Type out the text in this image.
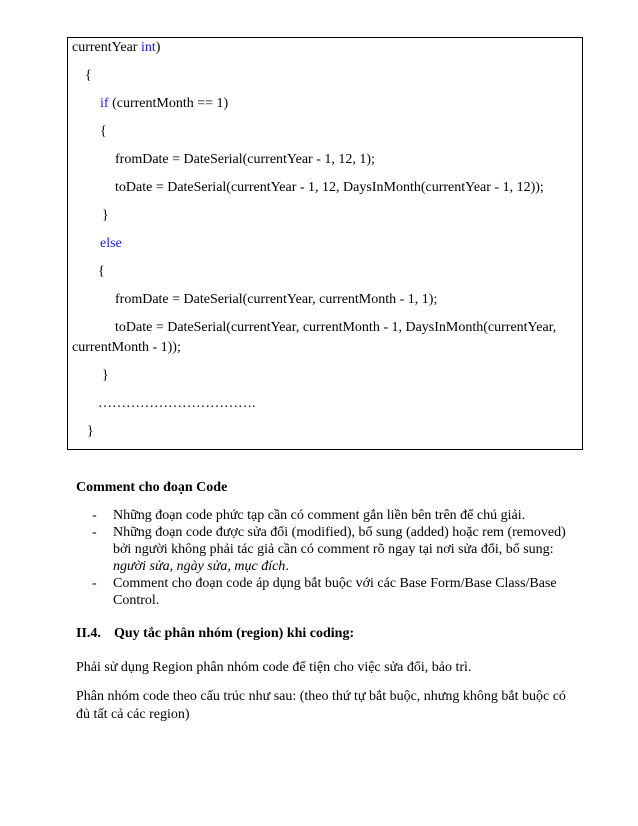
currentYear int)
{
if (currentMonth == 1)
{
fromDate = DateSerial(currentYear - 1, 12, 1);
toDate = DateSerial(currentYear - 1, 12, DaysInMonth(currentYear - 1, 12));
}
else
{
fromDate = DateSerial(currentYear, currentMonth - 1, 1);
toDate = DateSerial(currentYear, currentMonth - 1, DaysInMonth(currentYear,
currentMonth - 1));
}
…………………………….
}
Comment cho đoạn Code
- Những đoạn code phức tạp cần có comment gắn liền bên trên để chú giải.
- Những đoạn code được sửa đổi (modified), bổ sung (added) hoặc rem (removed) bởi người không phải tác giả cần có comment rõ ngay tại nơi sửa đổi, bổ sung: người sửa, ngày sửa, mục đích.
- Comment cho đoạn code áp dụng bắt buộc với các Base Form/Base Class/Base Control.
II.4. Quy tắc phân nhóm (region) khi coding:
Phải sử dụng Region phân nhóm code để tiện cho việc sửa đổi, bảo trì.
Phân nhóm code theo cấu trúc như sau: (theo thứ tự bắt buộc, nhưng không bắt buộc có đủ tất cả các region)
